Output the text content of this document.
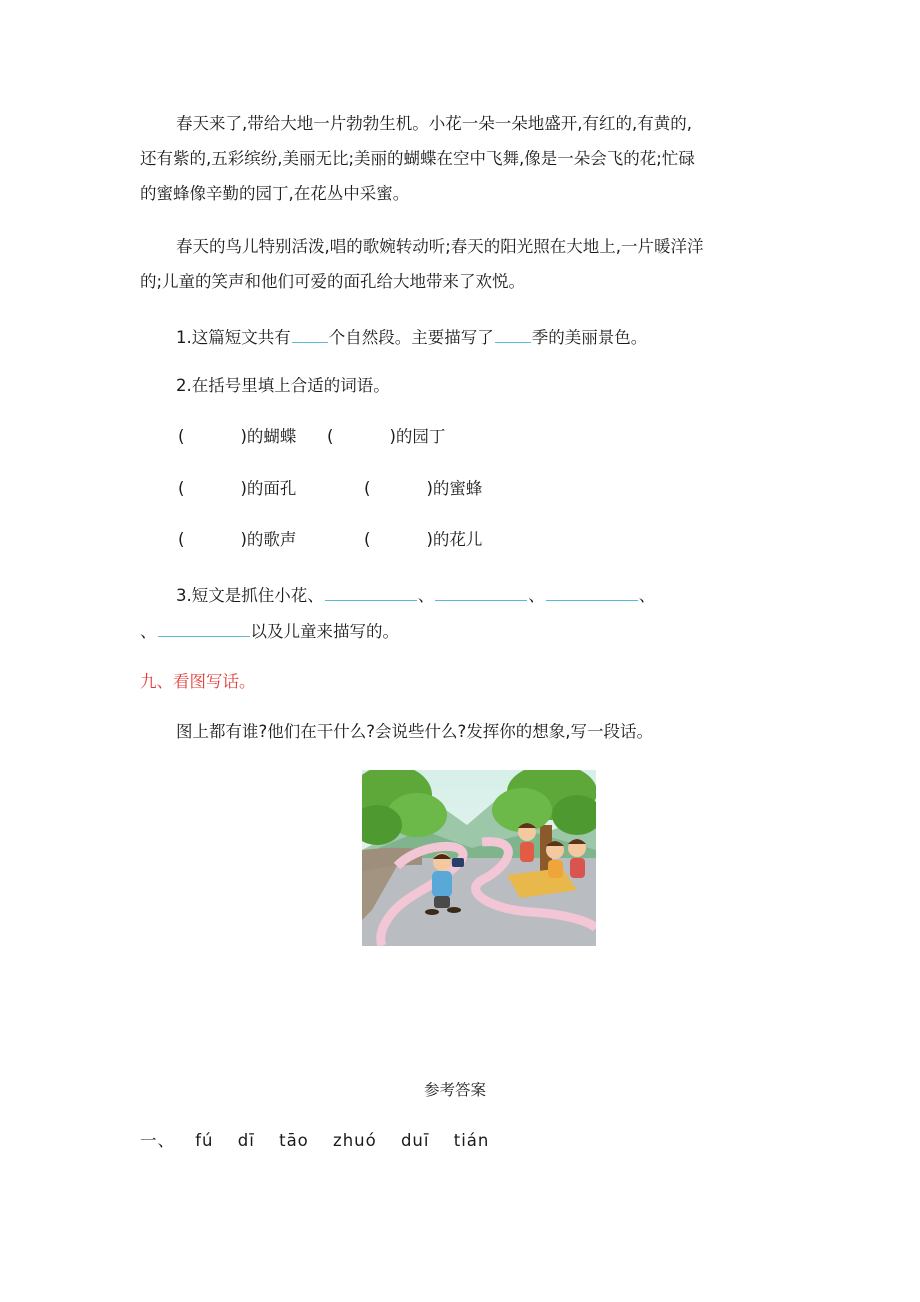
春天来了,带给大地一片勃勃生机。小花一朵一朵地盛开,有红的,有黄的,
还有紫的,五彩缤纷,美丽无比;美丽的蝴蝶在空中飞舞,像是一朵会飞的花;忙碌
的蜜蜂像辛勤的园丁,在花丛中采蜜。
春天的鸟儿特别活泼,唱的歌婉转动听;春天的阳光照在大地上,一片暖洋洋
的;儿童的笑声和他们可爱的面孔给大地带来了欢悦。
1.这篇短文共有 个自然段。主要描写了 季的美丽景色。
2.在括号里填上合适的词语。
(	)的蝴蝶 (	)的园丁
(	)的面孔	(	)的蜜蜂
(	)的歌声	(	)的花儿
3.短文是抓住小花、	、	、	、
、	以及儿童来描写的。
九、看图写话。
图上都有谁?他们在干什么?会说些什么?发挥你的想象,写一段话。
参考答案
一、 fú dī tāo zhuó duī tián
